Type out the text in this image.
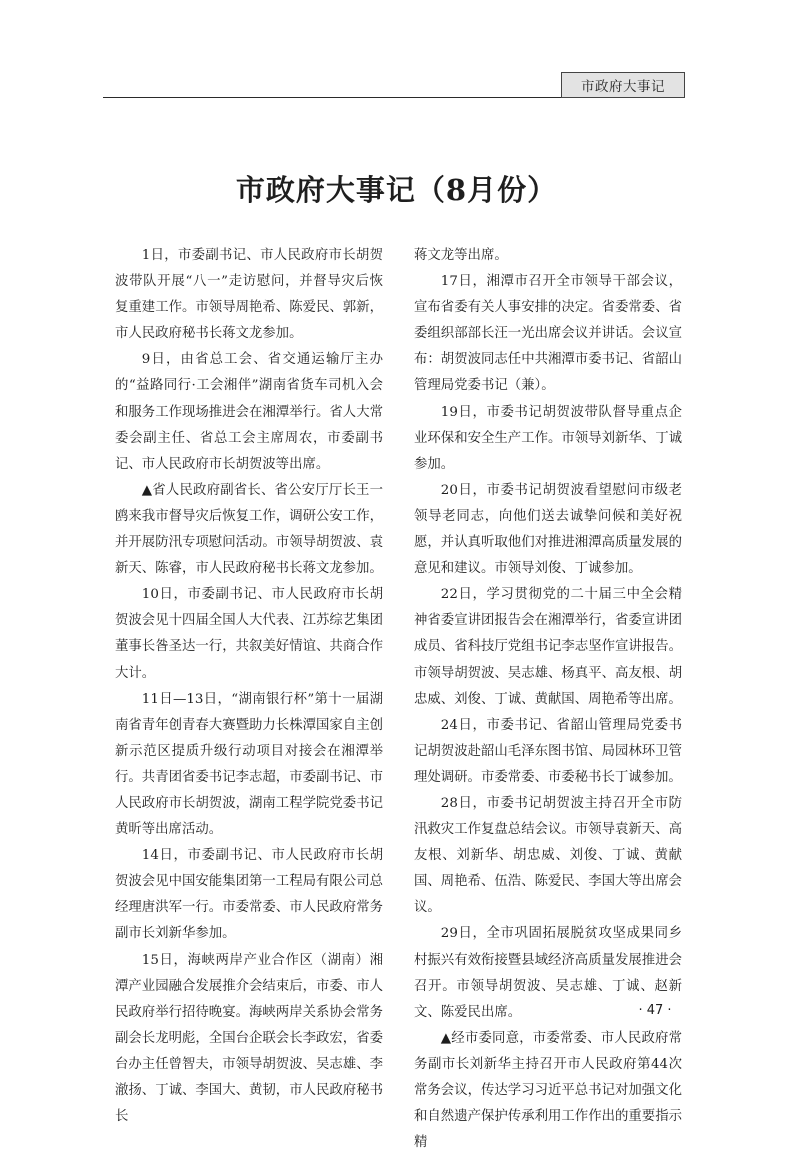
市政府大事记
市政府大事记（8月份）

1日，市委副书记、市人民政府市长胡贺波带队开展“八一”走访慰问，并督导灾后恢复重建工作。市领导周艳希、陈爱民、郭新，市人民政府秘书长蒋文龙参加。

9日，由省总工会、省交通运输厅主办的“益路同行·工会湘伴”湖南省货车司机入会和服务工作现场推进会在湘潭举行。省人大常委会副主任、省总工会主席周农，市委副书记、市人民政府市长胡贺波等出席。

▲省人民政府副省长、省公安厅厅长王一鸥来我市督导灾后恢复工作，调研公安工作，并开展防汛专项慰问活动。市领导胡贺波、袁新天、陈睿，市人民政府秘书长蒋文龙参加。

10日，市委副书记、市人民政府市长胡贺波会见十四届全国人大代表、江苏综艺集团董事长昝圣达一行，共叙美好情谊、共商合作大计。

11日—13日，“湖南银行杯”第十一届湖南省青年创青春大赛暨助力长株潭国家自主创新示范区提质升级行动项目对接会在湘潭举行。共青团省委书记李志超，市委副书记、市人民政府市长胡贺波，湖南工程学院党委书记黄昕等出席活动。

14日，市委副书记、市人民政府市长胡贺波会见中国安能集团第一工程局有限公司总经理唐洪军一行。市委常委、市人民政府常务副市长刘新华参加。

15日，海峡两岸产业合作区（湖南）湘潭产业园融合发展推介会结束后，市委、市人民政府举行招待晚宴。海峡两岸关系协会常务副会长龙明彪，全国台企联会长李政宏，省委台办主任曾智夫，市领导胡贺波、吴志雄、李澈扬、丁诚、李国大、黄韧，市人民政府秘书长

蒋文龙等出席。

17日，湘潭市召开全市领导干部会议，宣布省委有关人事安排的决定。省委常委、省委组织部部长汪一光出席会议并讲话。会议宣布：胡贺波同志任中共湘潭市委书记、省韶山管理局党委书记（兼）。

19日，市委书记胡贺波带队督导重点企业环保和安全生产工作。市领导刘新华、丁诚参加。

20日，市委书记胡贺波看望慰问市级老领导老同志，向他们送去诚挚问候和美好祝愿，并认真听取他们对推进湘潭高质量发展的意见和建议。市领导刘俊、丁诚参加。

22日，学习贯彻党的二十届三中全会精神省委宣讲团报告会在湘潭举行，省委宣讲团成员、省科技厅党组书记李志坚作宣讲报告。市领导胡贺波、吴志雄、杨真平、高友根、胡忠威、刘俊、丁诚、黄献国、周艳希等出席。

24日，市委书记、省韶山管理局党委书记胡贺波赴韶山毛泽东图书馆、局园林环卫管理处调研。市委常委、市委秘书长丁诚参加。

28日，市委书记胡贺波主持召开全市防汛救灾工作复盘总结会议。市领导袁新天、高友根、刘新华、胡忠威、刘俊、丁诚、黄献国、周艳希、伍浩、陈爱民、李国大等出席会议。

29日，全市巩固拓展脱贫攻坚成果同乡村振兴有效衔接暨县域经济高质量发展推进会召开。市领导胡贺波、吴志雄、丁诚、赵新文、陈爱民出席。

▲经市委同意，市委常委、市人民政府常务副市长刘新华主持召开市人民政府第44次常务会议，传达学习习近平总书记对加强文化和自然遗产保护传承利用工作作出的重要指示精

· 47 ·
